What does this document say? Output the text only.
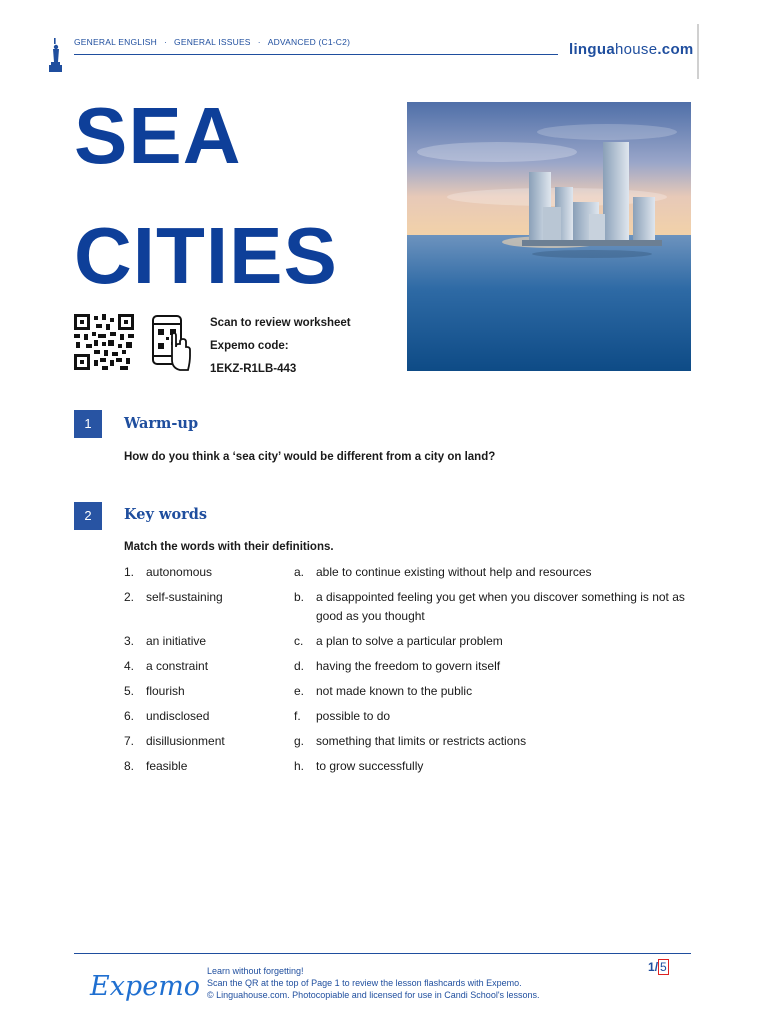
GENERAL ENGLISH · GENERAL ISSUES · ADVANCED (C1-C2)	linguahouse.com
SEA
CITIES
Scan to review worksheet
Expemo code:
1EKZ-R1LB-443
1	Warm-up
How do you think a ‘sea city’ would be different from a city on land?
2	Key words
Match the words with their definitions.
1. autonomous	a. able to continue existing without help and resources
2. self-sustaining	b. a disappointed feeling you get when you discover something is not as good as you thought
3. an initiative	c.	a plan to solve a particular problem
4. a constraint	d. having the freedom to govern itself
5. flourish	e. not made known to the public
6. undisclosed	f.	possible to do
7. disillusionment	g. something that limits or restricts actions
8. feasible	h. to grow successfully
Expemo Learn without forgetting!
Scan the QR at the top of Page 1 to review the lesson flashcards with Expemo.
© Linguahouse.com. Photocopiable and licensed for use in Candi School's lessons.
1/ 5
